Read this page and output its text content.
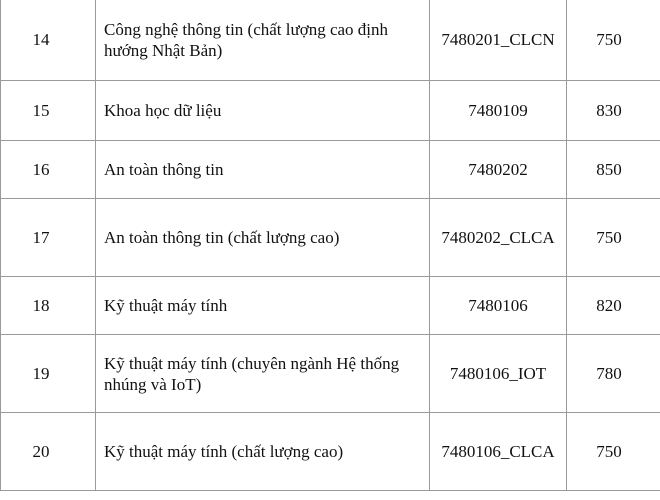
14	Công nghệ thông tin (chất lượng cao định hướng Nhật Bản)	7480201_CLCN	750
15	Khoa học dữ liệu	7480109	830
16	An toàn thông tin	7480202	850
17	An toàn thông tin (chất lượng cao)	7480202_CLCA	750
18	Kỹ thuật máy tính	7480106	820
19	Kỹ thuật máy tính (chuyên ngành Hệ thống nhúng và IoT)	7480106_IOT	780
20	Kỹ thuật máy tính (chất lượng cao)	7480106_CLCA	750
